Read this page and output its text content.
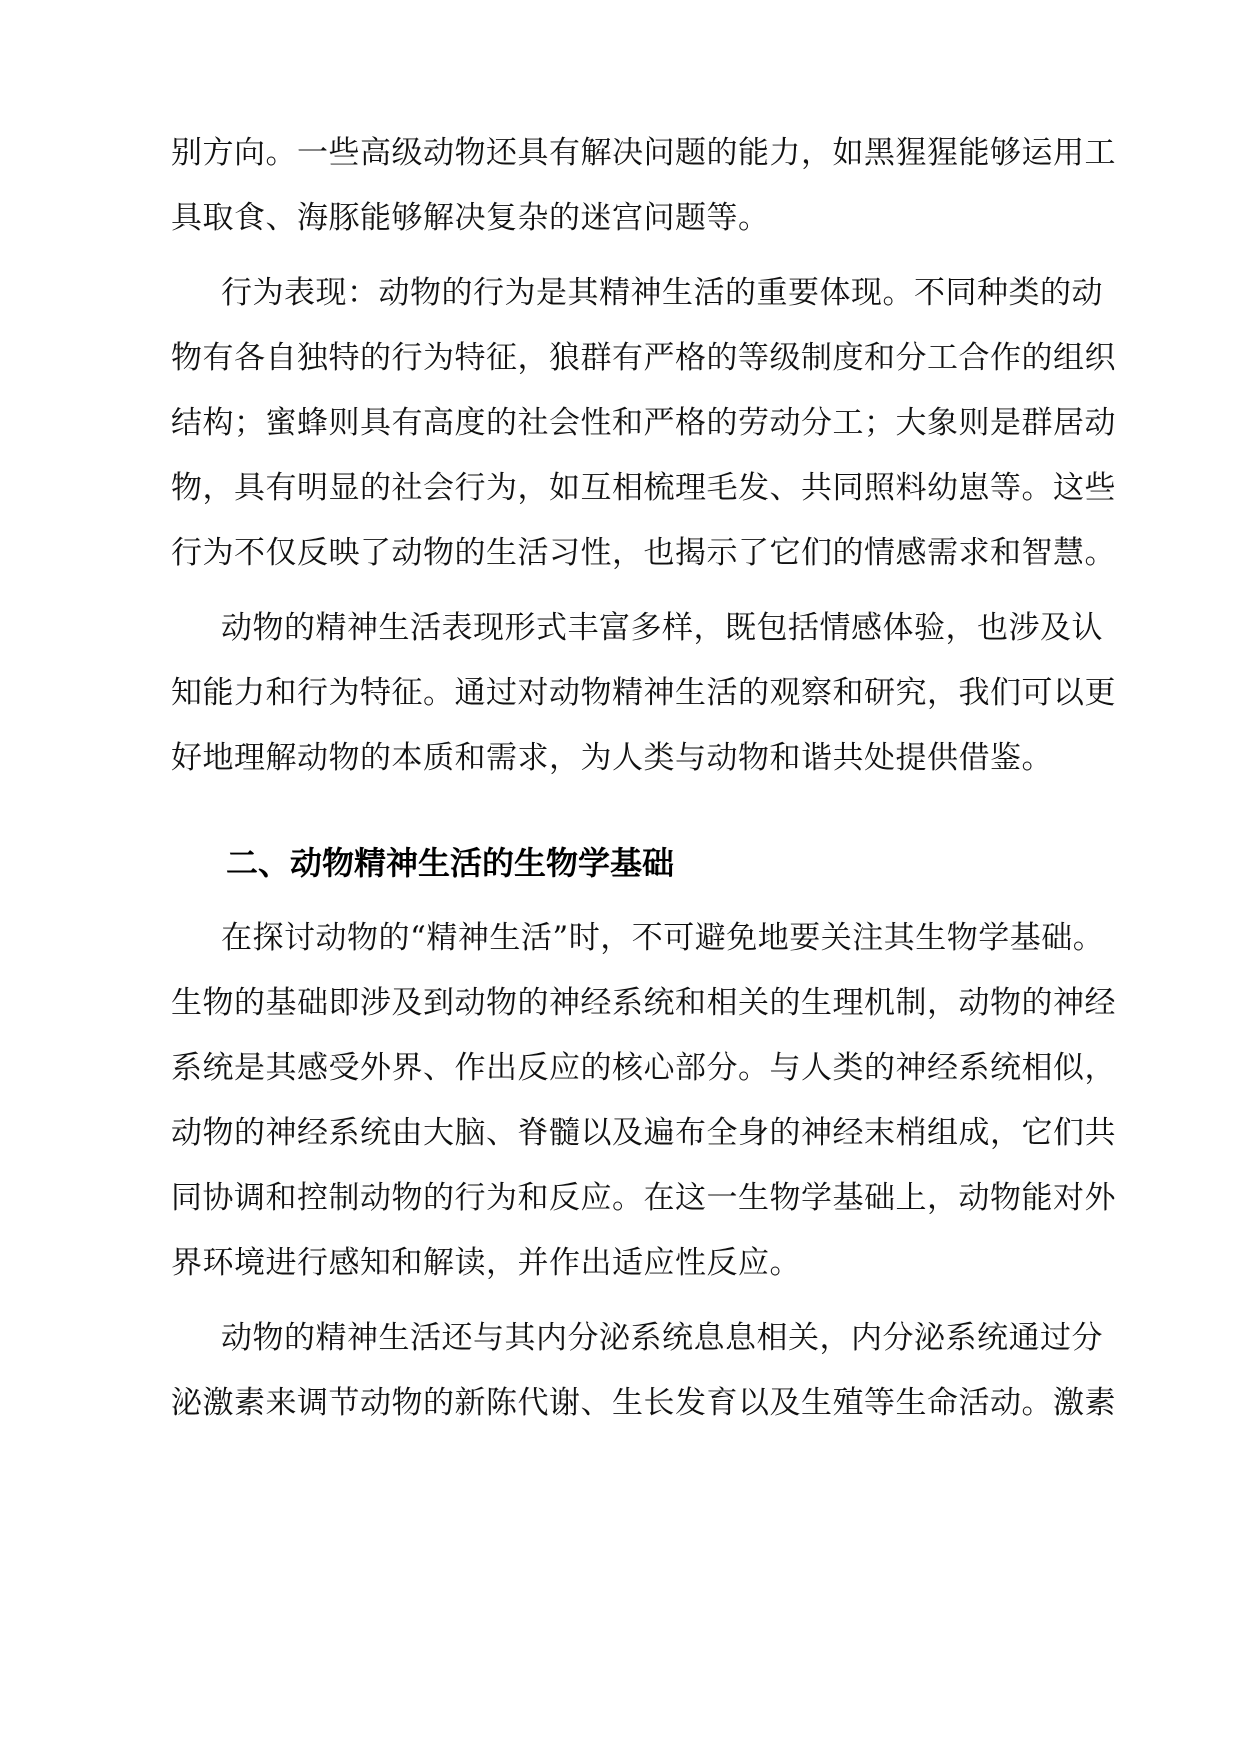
别方向。一些高级动物还具有解决问题的能力，如黑猩猩能够运用工
具取食、海豚能够解决复杂的迷宫问题等。
行为表现：动物的行为是其精神生活的重要体现。不同种类的动
物有各自独特的行为特征，狼群有严格的等级制度和分工合作的组织
结构；蜜蜂则具有高度的社会性和严格的劳动分工；大象则是群居动
物，具有明显的社会行为，如互相梳理毛发、共同照料幼崽等。这些
行为不仅反映了动物的生活习性，也揭示了它们的情感需求和智慧。
动物的精神生活表现形式丰富多样，既包括情感体验，也涉及认
知能力和行为特征。通过对动物精神生活的观察和研究，我们可以更
好地理解动物的本质和需求，为人类与动物和谐共处提供借鉴。
二、动物精神生活的生物学基础
在探讨动物的“精神生活”时，不可避免地要关注其生物学基础。
生物的基础即涉及到动物的神经系统和相关的生理机制，动物的神经
系统是其感受外界、作出反应的核心部分。与人类的神经系统相似，
动物的神经系统由大脑、脊髓以及遍布全身的神经末梢组成，它们共
同协调和控制动物的行为和反应。在这一生物学基础上，动物能对外
界环境进行感知和解读，并作出适应性反应。
动物的精神生活还与其内分泌系统息息相关，内分泌系统通过分
泌激素来调节动物的新陈代谢、生长发育以及生殖等生命活动。激素
